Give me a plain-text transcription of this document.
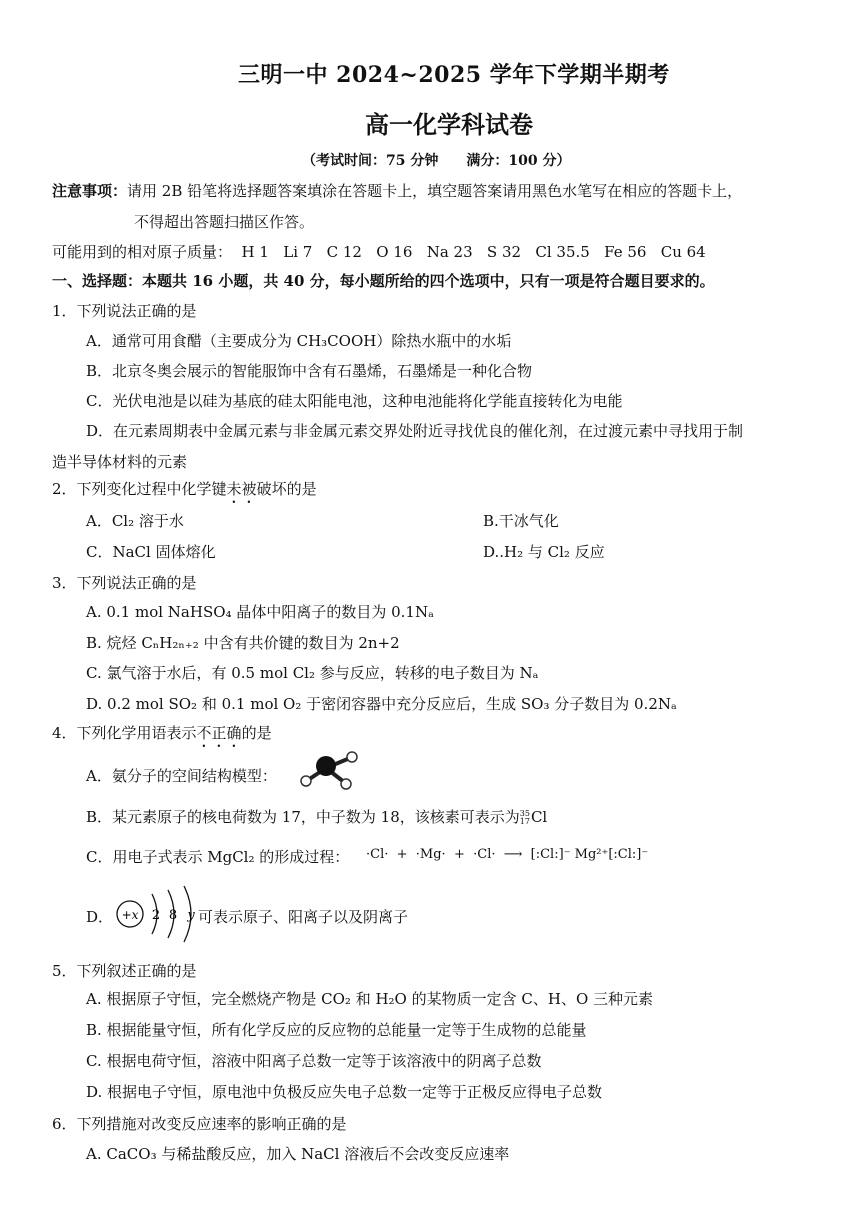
三明一中 2024~2025 学年下学期半期考
高一化学科试卷
（考试时间：75 分钟　　满分：100 分）
注意事项：请用 2B 铅笔将选择题答案填涂在答题卡上，填空题答案请用黑色水笔写在相应的答题卡上，
不得超出答题扫描区作答。
可能用到的相对原子质量：  H 1   Li 7   C 12   O 16   Na 23   S 32   Cl 35.5   Fe 56   Cu 64
一、选择题：本题共 16 小题，共 40 分，每小题所给的四个选项中，只有一项是符合题目要求的。
1．下列说法正确的是
A．通常可用食醋（主要成分为 CH₃COOH）除热水瓶中的水垢
B．北京冬奥会展示的智能服饰中含有石墨烯，石墨烯是一种化合物
C．光伏电池是以硅为基底的硅太阳能电池，这种电池能将化学能直接转化为电能
D．在元素周期表中金属元素与非金属元素交界处附近寻找优良的催化剂，在过渡元素中寻找用于制
造半导体材料的元素
2．下列变化过程中化学键未被破坏的是
A．Cl₂ 溶于水	B.干冰气化
C．NaCl 固体熔化	D..H₂ 与 Cl₂ 反应
3．下列说法正确的是
A. 0.1 mol NaHSO₄ 晶体中阳离子的数目为 0.1Nₐ
B. 烷烃 CₙH₂ₙ₊₂ 中含有共价键的数目为 2n+2
C. 氯气溶于水后，有 0.5 mol Cl₂ 参与反应，转移的电子数目为 Nₐ
D. 0.2 mol SO₂ 和 0.1 mol O₂ 于密闭容器中充分反应后，生成 SO₃ 分子数目为 0.2Nₐ
4．下列化学用语表示不正确的是
A．氨分子的空间结构模型：
B．某元素原子的核电荷数为 17，中子数为 18，该核素可表示为35
17Cl
C．用电子式表示 MgCl₂ 的形成过程： ·Cl·  +  ·Mg·  +  ·Cl·  ⟶  [:Cl:]⁻ Mg²⁺[:Cl:]⁻
D． +x 2 8 y 可表示原子、阳离子以及阴离子
5．下列叙述正确的是
A. 根据原子守恒，完全燃烧产物是 CO₂ 和 H₂O 的某物质一定含 C、H、O 三种元素
B. 根据能量守恒，所有化学反应的反应物的总能量一定等于生成物的总能量
C. 根据电荷守恒，溶液中阳离子总数一定等于该溶液中的阴离子总数
D. 根据电子守恒，原电池中负极反应失电子总数一定等于正极反应得电子总数
6．下列措施对改变反应速率的影响正确的是
A. CaCO₃ 与稀盐酸反应，加入 NaCl 溶液后不会改变反应速率
